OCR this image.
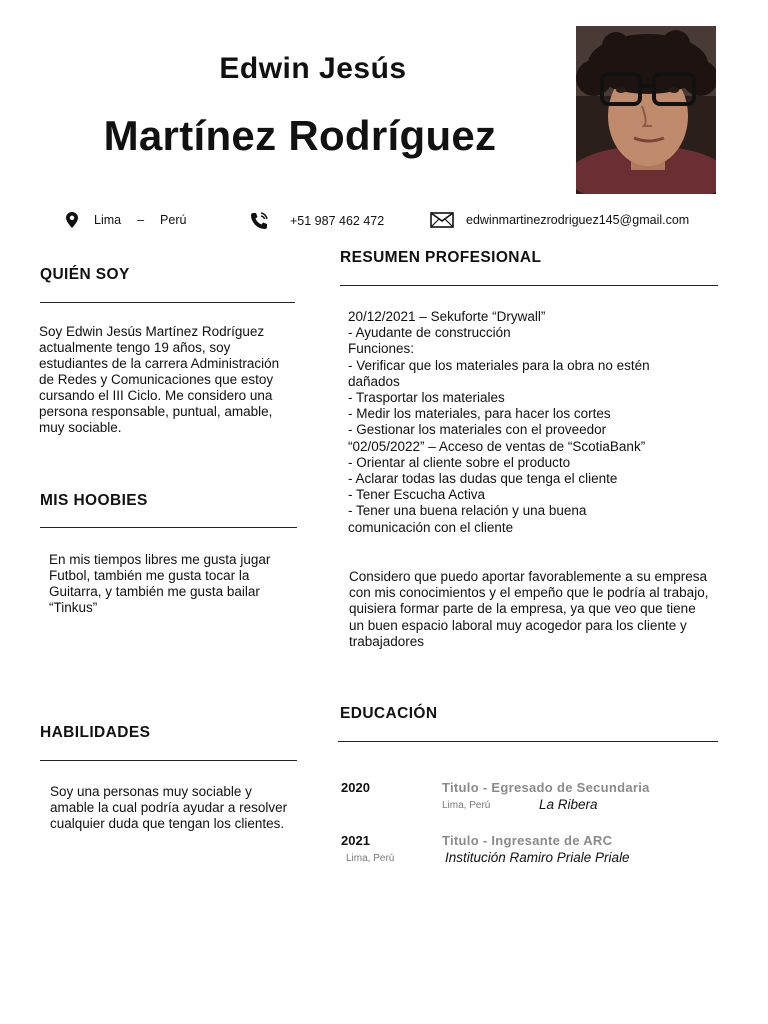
Edwin Jesús
Martínez Rodríguez
Lima – Perú	+51 987 462 472	edwinmartinezrodriguez145@gmail.com
QUIÉN SOY
Soy Edwin Jesús Martínez Rodríguez actualmente tengo 19 años, soy estudiantes de la carrera Administración de Redes y Comunicaciones que estoy cursando el III Ciclo. Me considero una persona responsable, puntual, amable, muy sociable.
MIS HOOBIES
En mis tiempos libres me gusta jugar Futbol, también me gusta tocar la Guitarra, y también me gusta bailar “Tinkus”
HABILIDADES
Soy una personas muy sociable y amable la cual podría ayudar a resolver cualquier duda que tengan los clientes.
RESUMEN PROFESIONAL
20/12/2021 – Sekuforte “Drywall”
- Ayudante de construcción
Funciones:
- Verificar que los materiales para la obra no estén
dañados
- Trasportar los materiales
- Medir los materiales, para hacer los cortes
- Gestionar los materiales con el proveedor
“02/05/2022” – Acceso de ventas de “ScotiaBank”
- Orientar al cliente sobre el producto
- Aclarar todas las dudas que tenga el cliente
- Tener Escucha Activa
- Tener una buena relación y una buena
comunicación con el cliente
Considero que puedo aportar favorablemente a su empresa con mis conocimientos y el empeño que le podría al trabajo, quisiera formar parte de la empresa, ya que veo que tiene un buen espacio laboral muy acogedor para los cliente y trabajadores
EDUCACIÓN
2020	Titulo - Egresado de Secundaria
Lima, Perú	La Ribera
2021	Titulo - Ingresante de ARC
Lima, Perú	Institución Ramiro Priale Priale
